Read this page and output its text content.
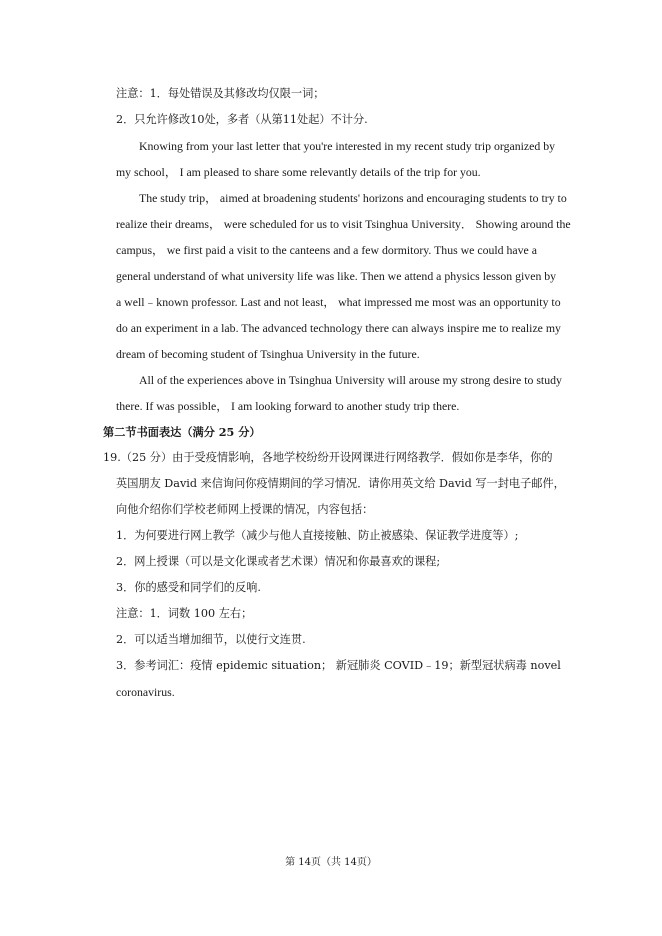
注意：1．每处错误及其修改均仅限一词；
2．只允许修改10处，多者（从第11处起）不计分.
Knowing from your last letter that you're interested in my recent study trip organized by
my school， I am pleased to share some relevantly details of the trip for you.
The study trip， aimed at broadening students' horizons and encouraging students to try to
realize their dreams， were scheduled for us to visit Tsinghua University． Showing around the
campus， we first paid a visit to the canteens and a few dormitory. Thus we could have a
general understand of what university life was like. Then we attend a physics lesson given by
a well﹣known professor. Last and not least， what impressed me most was an opportunity to
do an experiment in a lab. The advanced technology there can always inspire me to realize my
dream of becoming student of Tsinghua University in the future.
All of the experiences above in Tsinghua University will arouse my strong desire to study
there. If was possible， I am looking forward to another study trip there.
第二节书面表达（满分 25 分）
19.（25 分）由于受疫情影响，各地学校纷纷开设网课进行网络教学．假如你是李华，你的
英国朋友 David 来信询问你疫情期间的学习情况．请你用英文给 David 写一封电子邮件，
向他介绍你们学校老师网上授课的情况，内容包括：
1．为何要进行网上教学（减少与他人直接接触、防止被感染、保证教学进度等）;
2．网上授课（可以是文化课或者艺术课）情况和你最喜欢的课程;
3．你的感受和同学们的反响.
注意：1．词数 100 左右；
2．可以适当增加细节，以使行文连贯.
3．参考词汇：疫情 epidemic situation； 新冠肺炎 COVID﹣19；新型冠状病毒 novel
coronavirus.
第 14页（共 14页）
